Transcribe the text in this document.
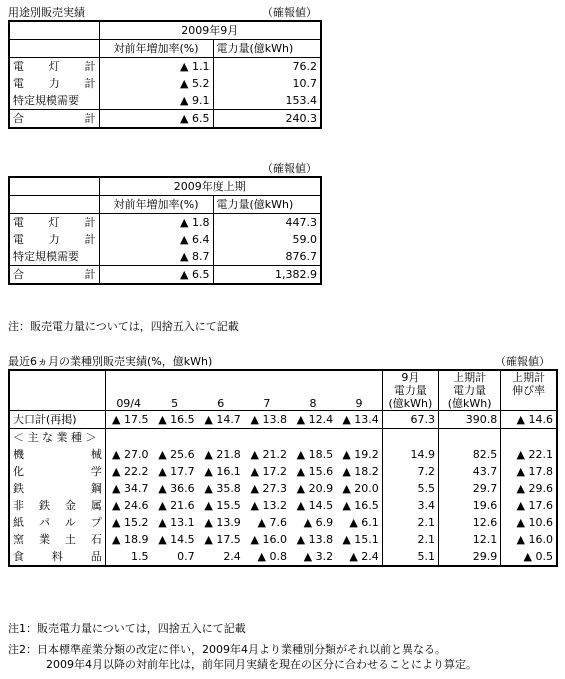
用途別販売実績	（確報値）
	2009年9月	
	対前年増加率(%)	電力量(億kWh)
電　灯　計	▲ 1.1	76.2
電　力　計	▲ 5.2	10.7
特定規模需要	▲ 9.1	153.4
合　　　計	▲ 6.5	240.3
（確報値）
	2009年度上期	
	対前年増加率(%)	電力量(億kWh)
電　灯　計	▲ 1.8	447.3
電　力　計	▲ 6.4	59.0
特定規模需要	▲ 8.7	876.7
合　　　計	▲ 6.5	1,382.9
注：販売電力量については，四捨五入にて記載
最近6ヵ月の業種別販売実績(%，億kWh)	（確報値）
							9月	上期計	上期計
							電力量	電力量	伸び率
	09/4	5	6	7	8	9	(億kWh)	(億kWh)	
大口計(再掲)	▲ 17.5	▲ 16.5	▲ 14.7	▲ 13.8	▲ 12.4	▲ 13.4	67.3	390.8	▲ 14.6
＜ 主 な 業 種 ＞									
機　　　械	▲ 27.0	▲ 25.6	▲ 21.8	▲ 21.2	▲ 18.5	▲ 19.2	14.9	82.5	▲ 22.1
化　　　学	▲ 22.2	▲ 17.7	▲ 16.1	▲ 17.2	▲ 15.6	▲ 18.2	7.2	43.7	▲ 17.8
鉄　　　鋼	▲ 34.7	▲ 36.6	▲ 35.8	▲ 27.3	▲ 20.9	▲ 20.0	5.5	29.7	▲ 29.6
非 鉄 金 属	▲ 24.6	▲ 21.6	▲ 15.5	▲ 13.2	▲ 14.5	▲ 16.5	3.4	19.6	▲ 17.6
紙 パ ル プ	▲ 15.2	▲ 13.1	▲ 13.9	▲ 7.6	▲ 6.9	▲ 6.1	2.1	12.6	▲ 10.6
窯 業 土 石	▲ 18.9	▲ 14.5	▲ 17.5	▲ 16.0	▲ 13.8	▲ 15.1	2.1	12.1	▲ 16.0
食　料　品	1.5	0.7	2.4	▲ 0.8	▲ 3.2	▲ 2.4	5.1	29.9	▲ 0.5
注1：販売電力量については，四捨五入にて記載
注2：日本標準産業分類の改定に伴い，2009年4月より業種別分類がそれ以前と異なる。
2009年4月以降の対前年比は，前年同月実績を現在の区分に合わせることにより算定。
